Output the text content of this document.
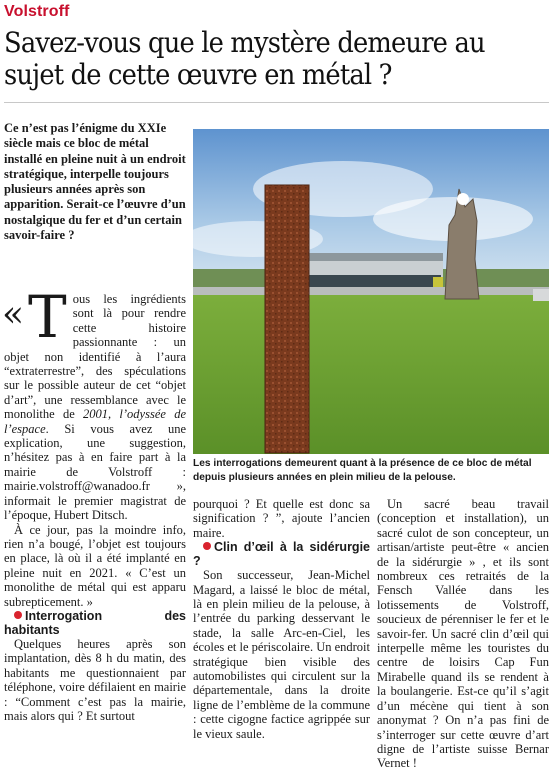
Volstroff
Savez-vous que le mystère demeure au sujet de cette œuvre en métal ?

Ce n’est pas l’énigme du XXIe siècle mais ce bloc de métal installé en pleine nuit à un endroit stratégique, interpelle toujours plusieurs années après son apparition. Serait-ce l’œuvre d’un nostalgique du fer et d’un certain savoir-faire ?

Les interrogations demeurent quant à la présence de ce bloc de métal depuis plusieurs années en plein milieu de la pelouse.

« T ous les ingrédients sont là pour rendre cette histoire passionnante : un objet non identifié à l’aura “extraterrestre”, des spéculations sur le possible auteur de cet “objet d’art”, une ressemblance avec le monolithe de 2001, l’odyssée de l’espace. Si vous avez une explication, une suggestion, n’hésitez pas à en faire part à la mairie de Volstroff : mairie.volstroff@wanadoo.fr », informait le premier magistrat de l’époque, Hubert Ditsch.

À ce jour, pas la moindre info, rien n’a bougé, l’objet est toujours en place, là où il a été implanté en pleine nuit en 2021. « C’est un monolithe de métal qui est apparu subrepticement. »

Interrogation des habitants

Quelques heures après son implantation, dès 8 h du matin, des habitants me questionnaient par téléphone, voire défilaient en mairie : “Comment c’est pas la mairie, mais alors qui ? Et surtout

pourquoi ? Et quelle est donc sa signification ? ”, ajoute l’ancien maire.

Clin d’œil à la sidérurgie ?

Son successeur, Jean-Michel Magard, a laissé le bloc de métal, là en plein milieu de la pelouse, à l’entrée du parking desservant le stade, la salle Arc-en-Ciel, les écoles et le périscolaire. Un endroit stratégique bien visible des automobilistes qui circulent sur la départementale, dans la droite ligne de l’emblème de la commune : cette cigogne factice agrippée sur le vieux saule.

Un sacré beau travail (conception et installation), un sacré culot de son concepteur, un artisan/artiste peut-être « ancien de la sidérurgie » , et ils sont nombreux ces retraités de la Fensch Vallée dans les lotissements de Volstroff, soucieux de pérenniser le fer et le savoir-fer. Un sacré clin d’œil qui interpelle même les touristes du centre de loisirs Cap Fun Mirabelle quand ils se rendent à la boulangerie. Est-ce qu’il s’agit d’un mécène qui tient à son anonymat ? On n’a pas fini de s’interroger sur cette œuvre d’art digne de l’artiste suisse Bernar Vernet !
